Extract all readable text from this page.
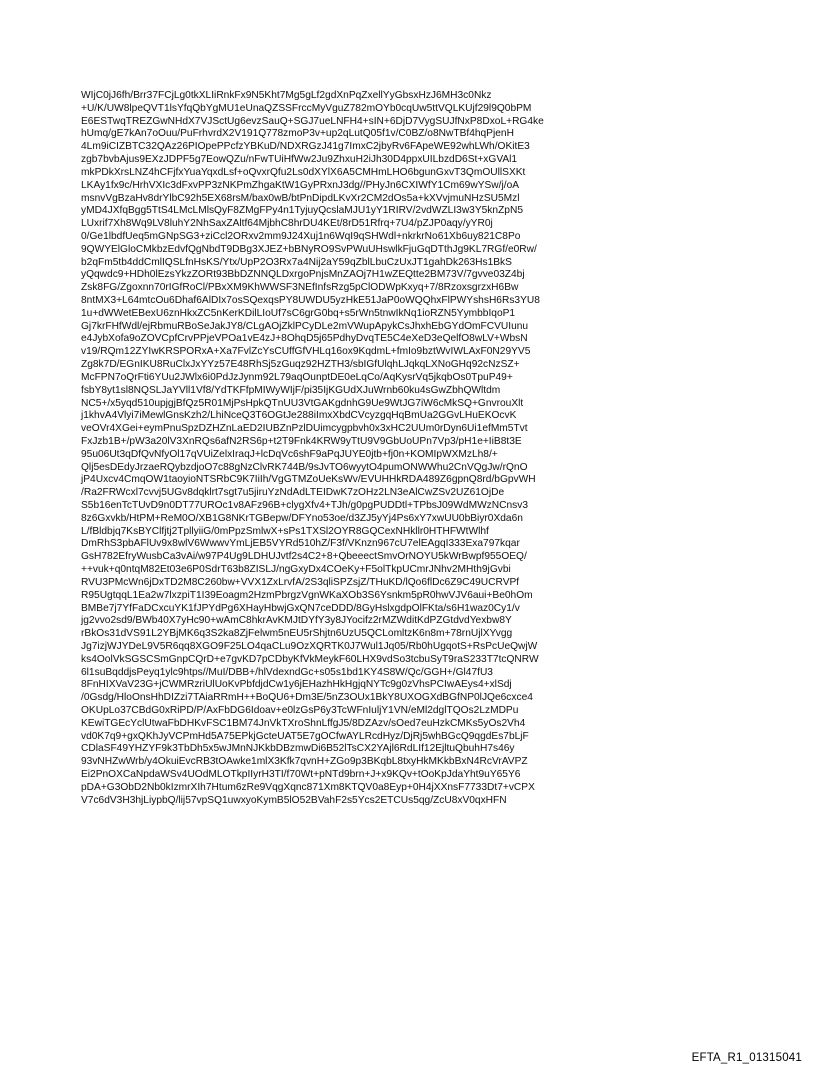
WIjC0jJ6fh/Brr37FCjLg0tkXLIiRnkFx9N5Kht7Mg5gLf2gdXnPqZxellYyGbsxHzJ6MH3c0Nkz
+U/K/UW8lpeQVT1lsYfqQbYgMU1eUnaQZSSFrccMyVguZ782mOYb0cqUw5ttVQLKUjf29l9Q0bPM
E6ESTwqTREZGwNHdX7VJSctUg6evzSauQ+SGJ7ueLNFH4+sIN+6DjD7VygSUJfNxP8DxoL+RG4ke
hUmq/gE7kAn7oOuu/PuFrhvrdX2V191Q778zmoP3v+up2qLutQ05f1v/C0BZ/o8NwTBf4hqPjenH
4Lm9iCIZBTC32QAz26PIOpePPcfzYBKuD/NDXRGzJ41g7ImxC2jbyRv6FApeWE92whLWh/OKitE3
zgb7bvbAjus9EXzJDPF5g7EowQZu/nFwTUiHfWw2Ju9ZhxuH2iJh30D4ppxUILbzdD6St+xGVAl1
mkPDkXrsLNZ4hCFjfxYuaYqxdLsf+oQvxrQfu2Ls0dXYlX6A5CMHmLHO6bgunGxvT3QmOUllSXKt
LKAy1fx9c/HrhVXIc3dFxvPP3zNKPmZhgaKtW1GyPRxnJ3dg//PHyJn6CXIWfY1Cm69wYSw/j/oA
msnvVgBzaHv8drYlbC92h5EX68rsM/bax0wB/btPnDipdLKvXr2CM2dOs5a+kXVvjmuNHzSU5Mzl
yMD4JXfqBgg5TtS4LMcLMlsQyF8ZMgFPy4n1TyjuyQcslaMJU1yY1RIRV/2vdWZLI3w3Y5knZpN5
LUxrif7Xh8Wq9LV8luhY2NhSaxZAltf64MjbhC8hrDU4KEt/8rD51Rfrq+7U4/pZJP0aqy/yYR0j
0/Ge1lbdfUeq5mGNpSG3+ziCcl2ORxv2mm9J24Xuj1n6WqI9qSHWdl+nkrkrNo61Xb6uy821C8Po
9QWYElGloCMkbzEdvfQgNbdT9DBg3XJEZ+bBNyRO9SvPWuUHswlkFjuGqDTthJg9KL7RGf/e0Rw/
b2qFm5tb4ddCmlIQSLfnHsKS/Ytx/UpP2O3Rx7a4Nij2aY59qZblLbuCzUxJT1gahDk263Hs1BkS
yQqwdc9+HDh0lEzsYkzZORt93BbDZNNQLDxrgoPnjsMnZAOj7H1wZEQtte2BM73V/7gvve03Z4bj
Zsk8FG/Zgoxnn70rIGfRoCl/PBxXM9KhWWSF3NEfInfsRzg5pClODWpKxyq+7/8RzoxsgrzxH6Bw
8ntMX3+L64mtcOu6Dhaf6AlDIx7osSQexqsPY8UWDU5yzHkE51JaP0oWQQhxFlPWYshsH6Rs3YU8
1u+dWWetEBexU6znHkxZC5nKerKDilLIoUf7sC6grG0bq+s5rWn5tnwIkNq1ioRZN5YymbbIqoP1
Gj7krFHfWdl/ejRbmuRBoSeJakJY8/CLgAOjZklPCyDLe2mVWupApykCsJhxhEbGYdOmFCVUIunu
e4JybXofa9oZOVCpfCrvPPjeVPOa1vE4zJ+8OhqD5j65PdhyDvqTE5C4eXeD3eQelfO8wLV+WbsN
v19/RQm12ZYIwKRSPORxA+Xa7FvlZcYsCUffGfVHLq16ox9KqdmL+fmIo9bztWvIWLAxF0N29YV5
Zg8k7D/EGnIKU8RuClxJxYYz57E48RhSj5zGuqz92HZTH3/sbIGfUlqhLJqkqLXNoGHq92cNzSZ+
McFPN7oQrFti6YUu2JWlx6i0PdJzJynm92L79aqOunptDE0eLqCo/AqKysrVq5jkqbOs0TpuP49+
fsbY8yt1sl8NQSLJaYVll1Vf8/YdTKFfpMIWyWIjF/pi35IjKGUdXJuWrnb60ku4sGwZbhQWltdm
NC5+/x5yqd510upjgjBfQz5R01MjPsHpkQTnUU3VtGAKgdnhG9Ue9WtJG7iW6cMkSQ+GnvrouXlt
j1khvA4Vlyi7iMewlGnsKzh2/LhiNceQ3T6OGtJe288iImxXbdCVcyzgqHqBmUa2GGvLHuEKOcvK
veOVr4XGei+eymPnuSpzDZHZnLaED2IUBZnPzlDUimcygpbvh0x3xHC2UUm0rDyn6Ui1efMm5Tvt
FxJzb1B+/pW3a20lV3XnRQs6afN2RS6p+t2T9Fnk4KRW9yTtU9V9GbUoUPn7Vp3/pH1e+IiB8t3E
95u06Ut3qDfQvNfyOl17qVUiZelxIraqJ+lcDqVc6shF9aPqJUYE0jtb+fj0n+KOMIpWXMzLh8/+
Qlj5esDEdyJrzaeRQybzdjoO7c88gNzClvRK744B/9sJvTO6wyytO4pumONWWhu2CnVQgJw/rQnO
jP4Uxcv4CmqOW1taoyioNTSRbC9K7IiIh/VgGTMZoUeKsWv/EVUHHkRDA489Z6gpnQ8rd/bGpvWH
/Ra2FRWcxl7cvvj5UGv8dqklrt7sgt7u5jiruYzNdAdLTEIDwK7zOHz2LN3eAlCwZSv2UZ61OjDe
S5b16enTcTUvD9n0DT77UROc1v8AFz96B+clygXfv4+TJh/g0pgPUDDtl+TPbsJ09WdMWzNCnsv3
8z6Gxvkb/HtPM+ReM0O/XB1G8NKrTGBepw/DFYno53oe/d3ZJ5yYj4Ps6xY7xwUU0bBiyr0Xda6n
L/fBldbjq7KsBYClfjtj2TpllyiiG/0mPpzSmlwX+sPs1TXSl2OYR8GQCexNHkllr0HTHFWtWlhf
DmRhS3pbAFlUv9x8wlV6WwwvYmLjEB5VYRd510hZ/F3f/VKnzn967cU7elEAgqI333Exa797kqar
GsH782EfryWusbCa3vAi/w97P4Ug9LDHUJvtf2s4C2+8+QbeeectSmvOrNOYU5kWrBwpf955OEQ/
++vuk+q0ntqM82Et03e6P0SdrT63b8ZISLJ/ngGxyDx4COeKy+F5olTkpUCmrJNhv2MHth9jGvbi
RVU3PMcWn6jDxTD2M8C260bw+VVX1ZxLrvfA/2S3qliSPZsjZ/THuKD/lQo6flDc6Z9C49UCRVPf
R95UgtqqL1Ea2w7lxzpiT1I39Eoagm2HzmPbrgzVgnWKaXOb3S6Ysnkm5pR0hwVJV6aui+Be0hOm
BMBe7j7YfFaDCxcuYK1fJPYdPg6XHayHbwjGxQN7ceDDD/8GyHslxgdpOlFKta/s6H1waz0Cy1/v
jg2vvo2sd9/BWb40X7yHc90+wAmC8hkrAvKMJtDYfY3y8JYocifz2rMZWditKdPZGtdvdYexbw8Y
rBkOs31dVS91L2YBjMK6q3S2ka8ZjFelwm5nEU5rShjtn6UzU5QCLomltzK6n8m+78rnUjlXYvgg
Jg7izjWJYDeL9V5R6qq8XGO9F25LO4qaCLu9OzXQRTK0J7Wul1Jq05/Rb0hUgqotS+RsPcUeQwjW
ks4OolVkSGSCSmGnpCQrD+e7gvKD7pCDbyKfVkMeykF60LHX9vdSo3tcbuSyT9raS233T7tcQNRW
6l1suBqddjsPeyq1ylc9htps//MuI/DBB+/hlVdexndGc+s05s1bd1KY4S8W/Qc/GGH+/Gl47fU3
8FnHIXVaV23G+jCWMRzriUlUoKvPbfdjdCw1y6jEHazhHkHgjqNYTc9g0zVhsPCIwAEys4+xlSdj
/0Gsdg/HloOnsHhDIZzi7TAiaRRmH++BoQU6+Dm3E/5nZ3OUx1BkY8UXOGXdBGfNP0lJQe6cxce4
OKUpLo37CBdG0xRiPD/P/AxFbDG6Idoav+e0lzGsP6y3TcWFnIuljY1VN/eMl2dglTQOs2LzMDPu
KEwiTGEcYclUtwaFbDHKvFSC1BM74JnVkTXroShnLffgJ5/8DZAzv/sOed7euHzkCMKs5yOs2Vh4
vd0K7q9+gxQKhJyVCPmHd5A75EPkjGcteUAT5E7gOCfwAYLRcdHyz/DjRj5whBGcQ9qgdEs7bLjF
CDlaSF49YHZYF9k3TbDh5x5wJMnNJKkbDBzmwDi6B52lTsCX2YAjl6RdLIf12EjltuQbuhH7s46y
93vNHZwWrb/y4OkuiEvcRB3tOAwke1mlX3Kfk7qvnH+ZGo9p3BKqbL8txyHkMKkbBxN4RcVrAVPZ
Ei2PnOXCaNpdaWSv4UOdMLOTkpIIyrH3TI/f70Wt+pNTd9brn+J+x9KQv+tOoKpJdaYht9uY65Y6
pDA+G3ObD2Nb0kIzmrXIh7Htum6zRe9VqgXqnc871Xm8KTQV0a8Eyp+0H4jXXnsF7733Dt7+vCPX
V7c6dV3H3hjLiypbQ/lij57vpSQ1uwxyoKymB5lO52BVahF2s5Ycs2ETCUs5qg/ZcU8xV0qxHFN
EFTA_R1_01315041
